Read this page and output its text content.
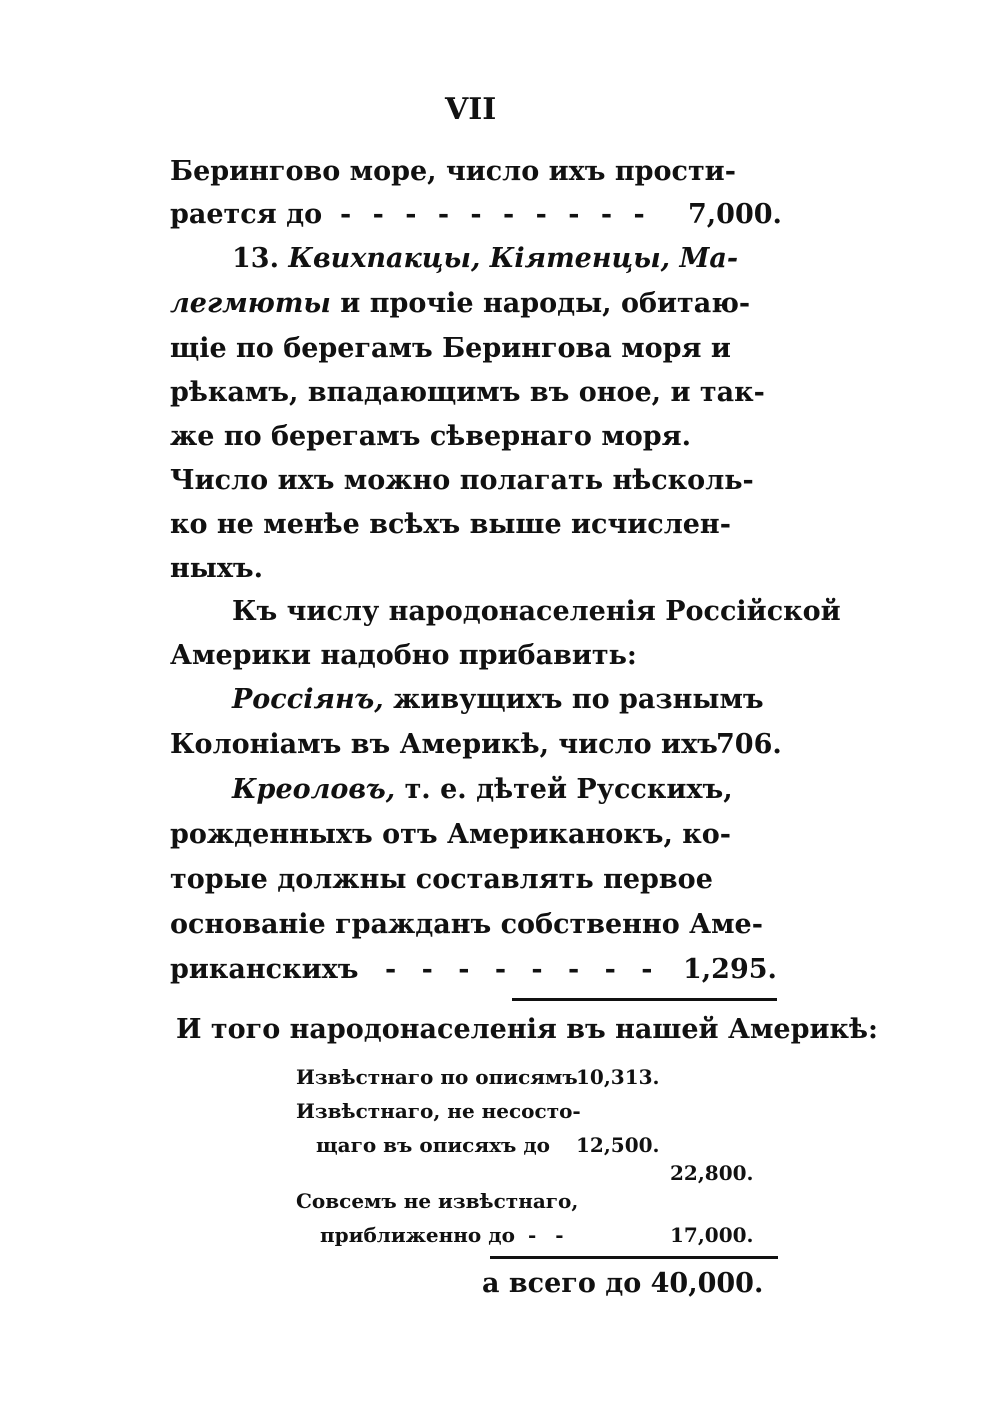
VII
Берингово море, число ихъ прости-
рается до - - - - - - - - - - 7,000.
13. Квихпакцы, Кіятенцы, Ма-
легмюты и прочіе народы, обитаю-
щіе по берегамъ Берингова моря и
рѣкамъ, впадающимъ въ оное, и так-
же по берегамъ сѣвернаго моря.
Число ихъ можно полагать нѣсколь-
ко не менѣе всѣхъ выше исчислен-
ныхъ.
Къ числу народонаселенія Россійской
Америки надобно прибавить:
Россіянъ, живущихъ по разнымъ
Колоніамъ въ Америкѣ, число ихъ
706.
Креоловъ, т. е. дѣтей Русскихъ,
рожденныхъ отъ Американокъ, ко-
торые должны составлять первое
основаніе гражданъ собственно Аме-
риканскихъ - - - - - - - - 1,295.
И того народонаселенія въ нашей Америкѣ:
Извѣстнаго по описямъ
10,313.
Извѣстнаго, не несосто-
щаго въ описяхъ до 12,500.
22,800.
Совсемъ не извѣстнаго,
приближенно до - -	17,000.
а всего до 40,000.
